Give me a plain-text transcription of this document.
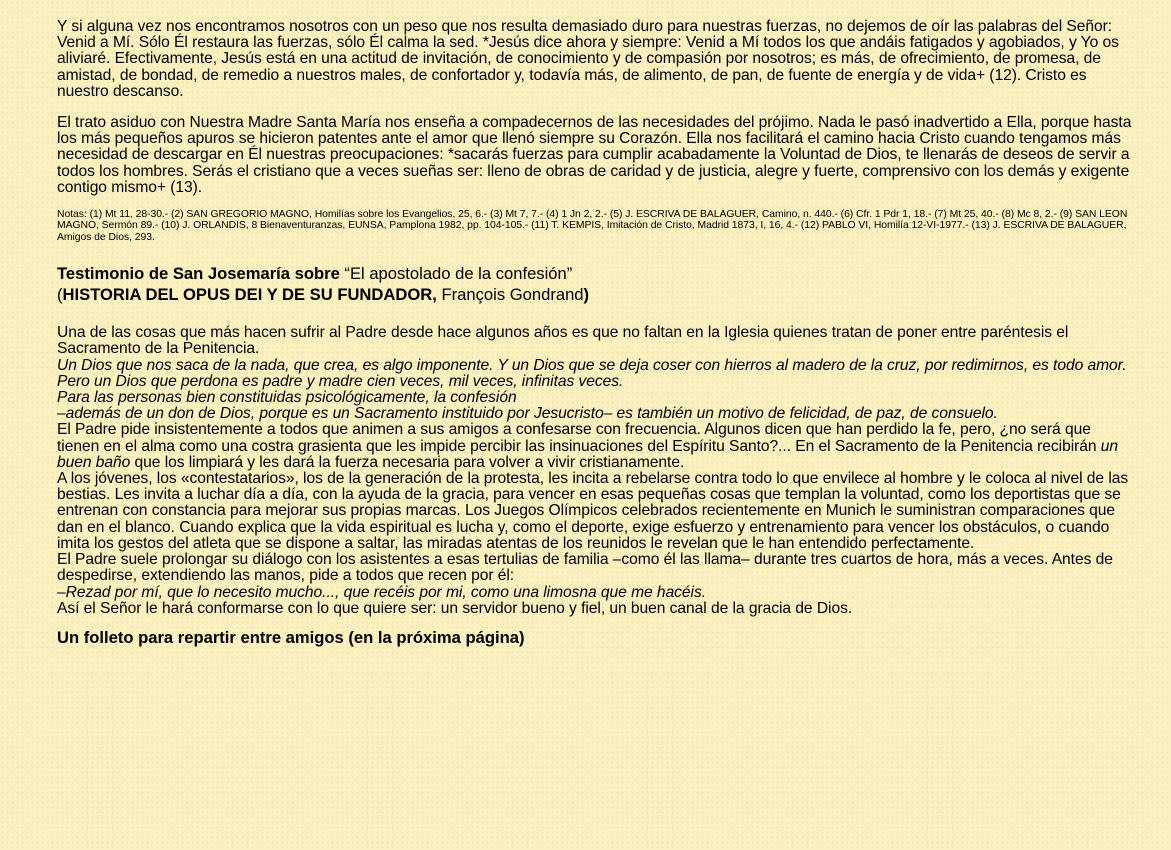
Y si alguna vez nos encontramos nosotros con un peso que nos resulta demasiado duro para nuestras fuerzas, no dejemos de oír las palabras del Señor: Venid a Mí. Sólo Él restaura las fuerzas, sólo Él calma la sed. *Jesús dice ahora y siempre: Venid a Mí todos los que andáis fatigados y agobiados, y Yo os aliviaré. Efectivamente, Jesús está en una actitud de invitación, de conocimiento y de compasión por nosotros; es más, de ofrecimiento, de promesa, de amistad, de bondad, de remedio a nuestros males, de confortador y, todavía más, de alimento, de pan, de fuente de energía y de vida+ (12). Cristo es nuestro descanso.

El trato asiduo con Nuestra Madre Santa María nos enseña a compadecernos de las necesidades del prójimo. Nada le pasó inadvertido a Ella, porque hasta los más pequeños apuros se hicieron patentes ante el amor que llenó siempre su Corazón. Ella nos facilitará el camino hacia Cristo cuando tengamos más necesidad de descargar en Él nuestras preocupaciones: *sacarás fuerzas para cumplir acabadamente la Voluntad de Dios, te llenarás de deseos de servir a todos los hombres. Serás el cristiano que a veces sueñas ser: lleno de obras de caridad y de justicia, alegre y fuerte, comprensivo con los demás y exigente contigo mismo+ (13).

Notas: (1) Mt 11, 28-30.- (2) SAN GREGORIO MAGNO, Homilías sobre los Evangelios, 25, 6.- (3) Mt 7, 7.- (4) 1 Jn 2, 2.- (5) J. ESCRIVA DE BALAGUER, Camino, n. 440.- (6) Cfr. 1 Pdr 1, 18.- (7) Mt 25, 40.- (8) Mc 8, 2.- (9) SAN LEON MAGNO, Sermón 89.- (10) J. ORLANDIS, 8 Bienaventuranzas, EUNSA, Pamplona 1982, pp. 104-105.- (11) T. KEMPIS, Imitación de Cristo, Madrid 1873, I, 16, 4.- (12) PABLO VI, Homilía 12-VI-1977.- (13) J. ESCRIVA DE BALAGUER, Amigos de Dios, 293.

Testimonio de San Josemaría sobre “El apostolado de la confesión”

(HISTORIA DEL OPUS DEI Y DE SU FUNDADOR, François Gondrand)

Una de las cosas que más hacen sufrir al Padre desde hace algunos años es que no faltan en la Iglesia quienes tratan de poner entre paréntesis el Sacramento de la Penitencia.

Un Dios que nos saca de la nada, que crea, es algo imponente. Y un Dios que se deja coser con hierros al madero de la cruz, por redimirnos, es todo amor. Pero un Dios que perdona es padre y madre cien veces, mil veces, infinitas veces.

Para las personas bien constituidas psicológicamente, la confesión

–además de un don de Dios, porque es un Sacramento instituido por Jesucristo– es también un motivo de felicidad, de paz, de consuelo.

El Padre pide insistentemente a todos que animen a sus amigos a confesarse con frecuencia. Algunos dicen que han perdido la fe, pero, ¿no será que tienen en el alma como una costra grasienta que les impide percibir las insinuaciones del Espíritu Santo?... En el Sacramento de la Penitencia recibirán un buen baño que los limpiará y les dará la fuerza necesaria para volver a vivir cristianamente.

A los jóvenes, los «contestatarios», los de la generación de la protesta, les incita a rebelarse contra todo lo que envilece al hombre y le coloca al nivel de las bestias. Les invita a luchar día a día, con la ayuda de la gracia, para vencer en esas pequeñas cosas que templan la voluntad, como los deportistas que se entrenan con constancia para mejorar sus propias marcas. Los Juegos Olímpicos celebrados recientemente en Munich le suministran comparaciones que dan en el blanco. Cuando explica que la vida espiritual es lucha y, como el deporte, exige esfuerzo y entrenamiento para vencer los obstáculos, o cuando imita los gestos del atleta que se dispone a saltar, las miradas atentas de los reunidos le revelan que le han entendido perfectamente.

El Padre suele prolongar su diálogo con los asistentes a esas tertulias de familia –como él las llama– durante tres cuartos de hora, más a veces. Antes de despedirse, extendiendo las manos, pide a todos que recen por él:

–Rezad por mí, que lo necesito mucho..., que recéis por mi, como una limosna que me hacéis.

Así el Señor le hará conformarse con lo que quiere ser: un servidor bueno y fiel, un buen canal de la gracia de Dios.

Un folleto para repartir entre amigos (en la próxima página)
